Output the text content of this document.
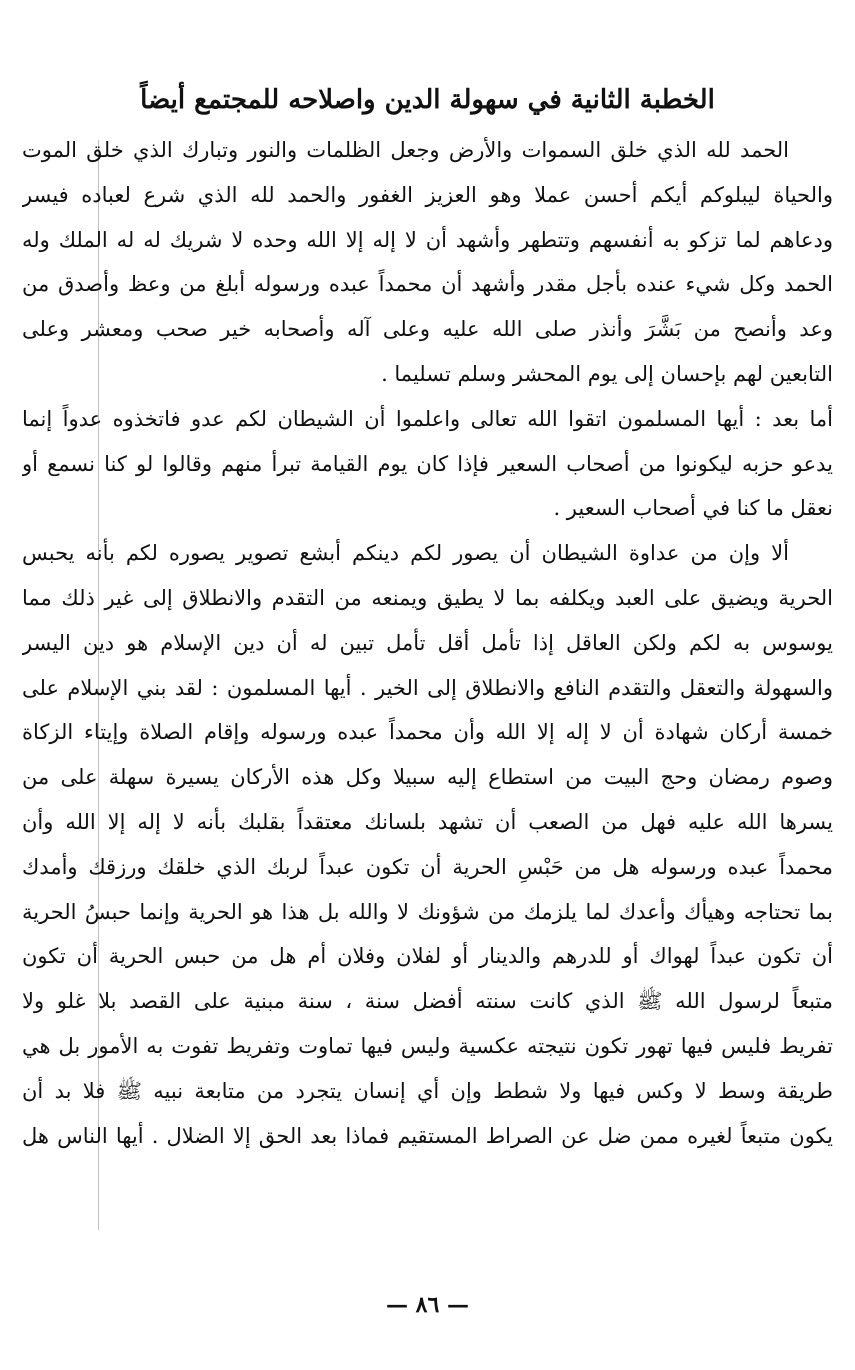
الخطبة الثانية في سهولة الدين واصلاحه للمجتمع أيضاً
الحمد لله الذي خلق السموات والأرض وجعل الظلمات والنور وتبارك الذي خلق الموت
والحياة ليبلوكم أيكم أحسن عملا وهو العزيز الغفور والحمد لله الذي شرع لعباده فيسر
ودعاهم لما تزكو به أنفسهم وتتطهر وأشهد أن لا إله إلا الله وحده لا شريك له له الملك وله
الحمد وكل شيء عنده بأجل مقدر وأشهد أن محمداً عبده ورسوله أبلغ من وعظ وأصدق من
وعد وأنصح من بَشَّرَ وأنذر صلى الله عليه وعلى آله وأصحابه خير صحب ومعشر وعلى
التابعين لهم بإحسان إلى يوم المحشر وسلم تسليما .
أما بعد : أيها المسلمون اتقوا الله تعالى واعلموا أن الشيطان لكم عدو فاتخذوه عدواً إنما
يدعو حزبه ليكونوا من أصحاب السعير فإذا كان يوم القيامة تبرأ منهم وقالوا لو كنا نسمع أو
نعقل ما كنا في أصحاب السعير .
ألا وإن من عداوة الشيطان أن يصور لكم دينكم أبشع تصوير يصوره لكم بأنه يحبس
الحرية ويضيق على العبد ويكلفه بما لا يطيق ويمنعه من التقدم والانطلاق إلى غير ذلك مما
يوسوس به لكم ولكن العاقل إذا تأمل أقل تأمل تبين له أن دين الإسلام هو دين اليسر
والسهولة والتعقل والتقدم النافع والانطلاق إلى الخير . أيها المسلمون : لقد بني الإسلام على
خمسة أركان شهادة أن لا إله إلا الله وأن محمداً عبده ورسوله وإقام الصلاة وإيتاء الزكاة
وصوم رمضان وحج البيت من استطاع إليه سبيلا وكل هذه الأركان يسيرة سهلة على من
يسرها الله عليه فهل من الصعب أن تشهد بلسانك معتقداً بقلبك بأنه لا إله إلا الله وأن
محمداً عبده ورسوله هل من حَبْسِ الحرية أن تكون عبداً لربك الذي خلقك ورزقك وأمدك
بما تحتاجه وهيأك وأعدك لما يلزمك من شؤونك لا والله بل هذا هو الحرية وإنما حبسُ الحرية
أن تكون عبداً لهواك أو للدرهم والدينار أو لفلان وفلان أم هل من حبس الحرية أن تكون
متبعاً لرسول الله ﷺ الذي كانت سنته أفضل سنة ، سنة مبنية على القصد بلا غلو ولا
تفريط فليس فيها تهور تكون نتيجته عكسية وليس فيها تماوت وتفريط تفوت به الأمور بل هي
طريقة وسط لا وكس فيها ولا شطط وإن أي إنسان يتجرد من متابعة نبيه ﷺ فلا بد أن
يكون متبعاً لغيره ممن ضل عن الصراط المستقيم فماذا بعد الحق إلا الضلال . أيها الناس هل
— ٨٦ —
